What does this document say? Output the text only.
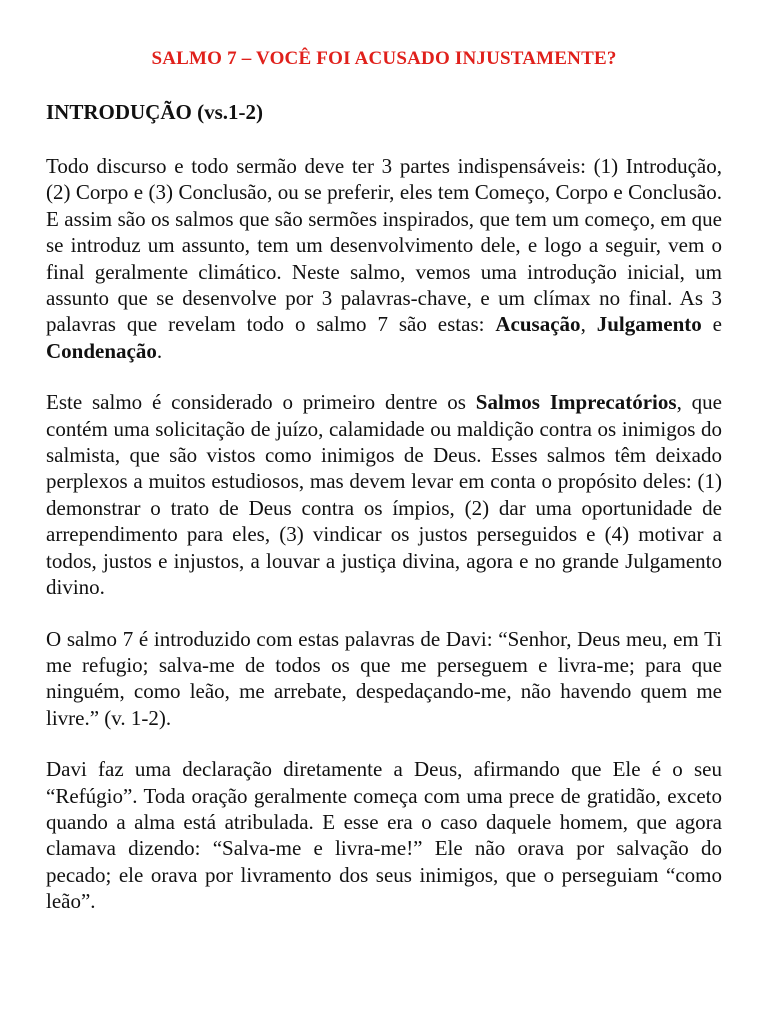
SALMO 7 – VOCÊ FOI ACUSADO INJUSTAMENTE?
INTRODUÇÃO (vs.1-2)

Todo discurso e todo sermão deve ter 3 partes indispensáveis: (1) Introdução, (2) Corpo e (3) Conclusão, ou se preferir, eles tem Começo, Corpo e Conclusão. E assim são os salmos que são sermões inspirados, que tem um começo, em que se introduz um assunto, tem um desenvolvimento dele, e logo a seguir, vem o final geralmente climático. Neste salmo, vemos uma introdução inicial, um assunto que se desenvolve por 3 palavras-chave, e um clímax no final. As 3 palavras que revelam todo o salmo 7 são estas: Acusação, Julgamento e Condenação.

Este salmo é considerado o primeiro dentre os Salmos Imprecatórios, que contém uma solicitação de juízo, calamidade ou maldição contra os inimigos do salmista, que são vistos como inimigos de Deus. Esses salmos têm deixado perplexos a muitos estudiosos, mas devem levar em conta o propósito deles: (1) demonstrar o trato de Deus contra os ímpios, (2) dar uma oportunidade de arrependimento para eles, (3) vindicar os justos perseguidos e (4) motivar a todos, justos e injustos, a louvar a justiça divina, agora e no grande Julgamento divino.

O salmo 7 é introduzido com estas palavras de Davi: “Senhor, Deus meu, em Ti me refugio; salva-me de todos os que me perseguem e livra-me; para que ninguém, como leão, me arrebate, despedaçando-me, não havendo quem me livre.” (v. 1-2).

Davi faz uma declaração diretamente a Deus, afirmando que Ele é o seu “Refúgio”. Toda oração geralmente começa com uma prece de gratidão, exceto quando a alma está atribulada. E esse era o caso daquele homem, que agora clamava dizendo: “Salva-me e livra-me!” Ele não orava por salvação do pecado; ele orava por livramento dos seus inimigos, que o perseguiam “como leão”.
